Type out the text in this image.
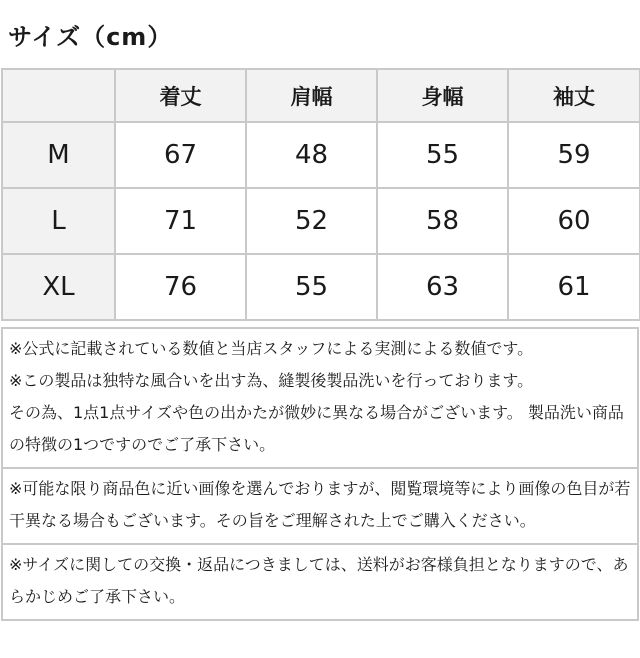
サイズ（cm）
	着丈	肩幅	身幅	袖丈
M	67	48	55	59
L	71	52	58	60
XL	76	55	63	61
※公式に記載されている数値と当店スタッフによる実測による数値です。
※この製品は独特な風合いを出す為、縫製後製品洗いを行っております。
その為、1点1点サイズや色の出かたが微妙に異なる場合がございます。 製品洗い商品の特徴の1つですのでご了承下さい。
※可能な限り商品色に近い画像を選んでおりますが、閲覧環境等により画像の色目が若干異なる場合もございます。その旨をご理解された上でご購入ください。
※サイズに関しての交換・返品につきましては、送料がお客様負担となりますので、あらかじめご了承下さい。
